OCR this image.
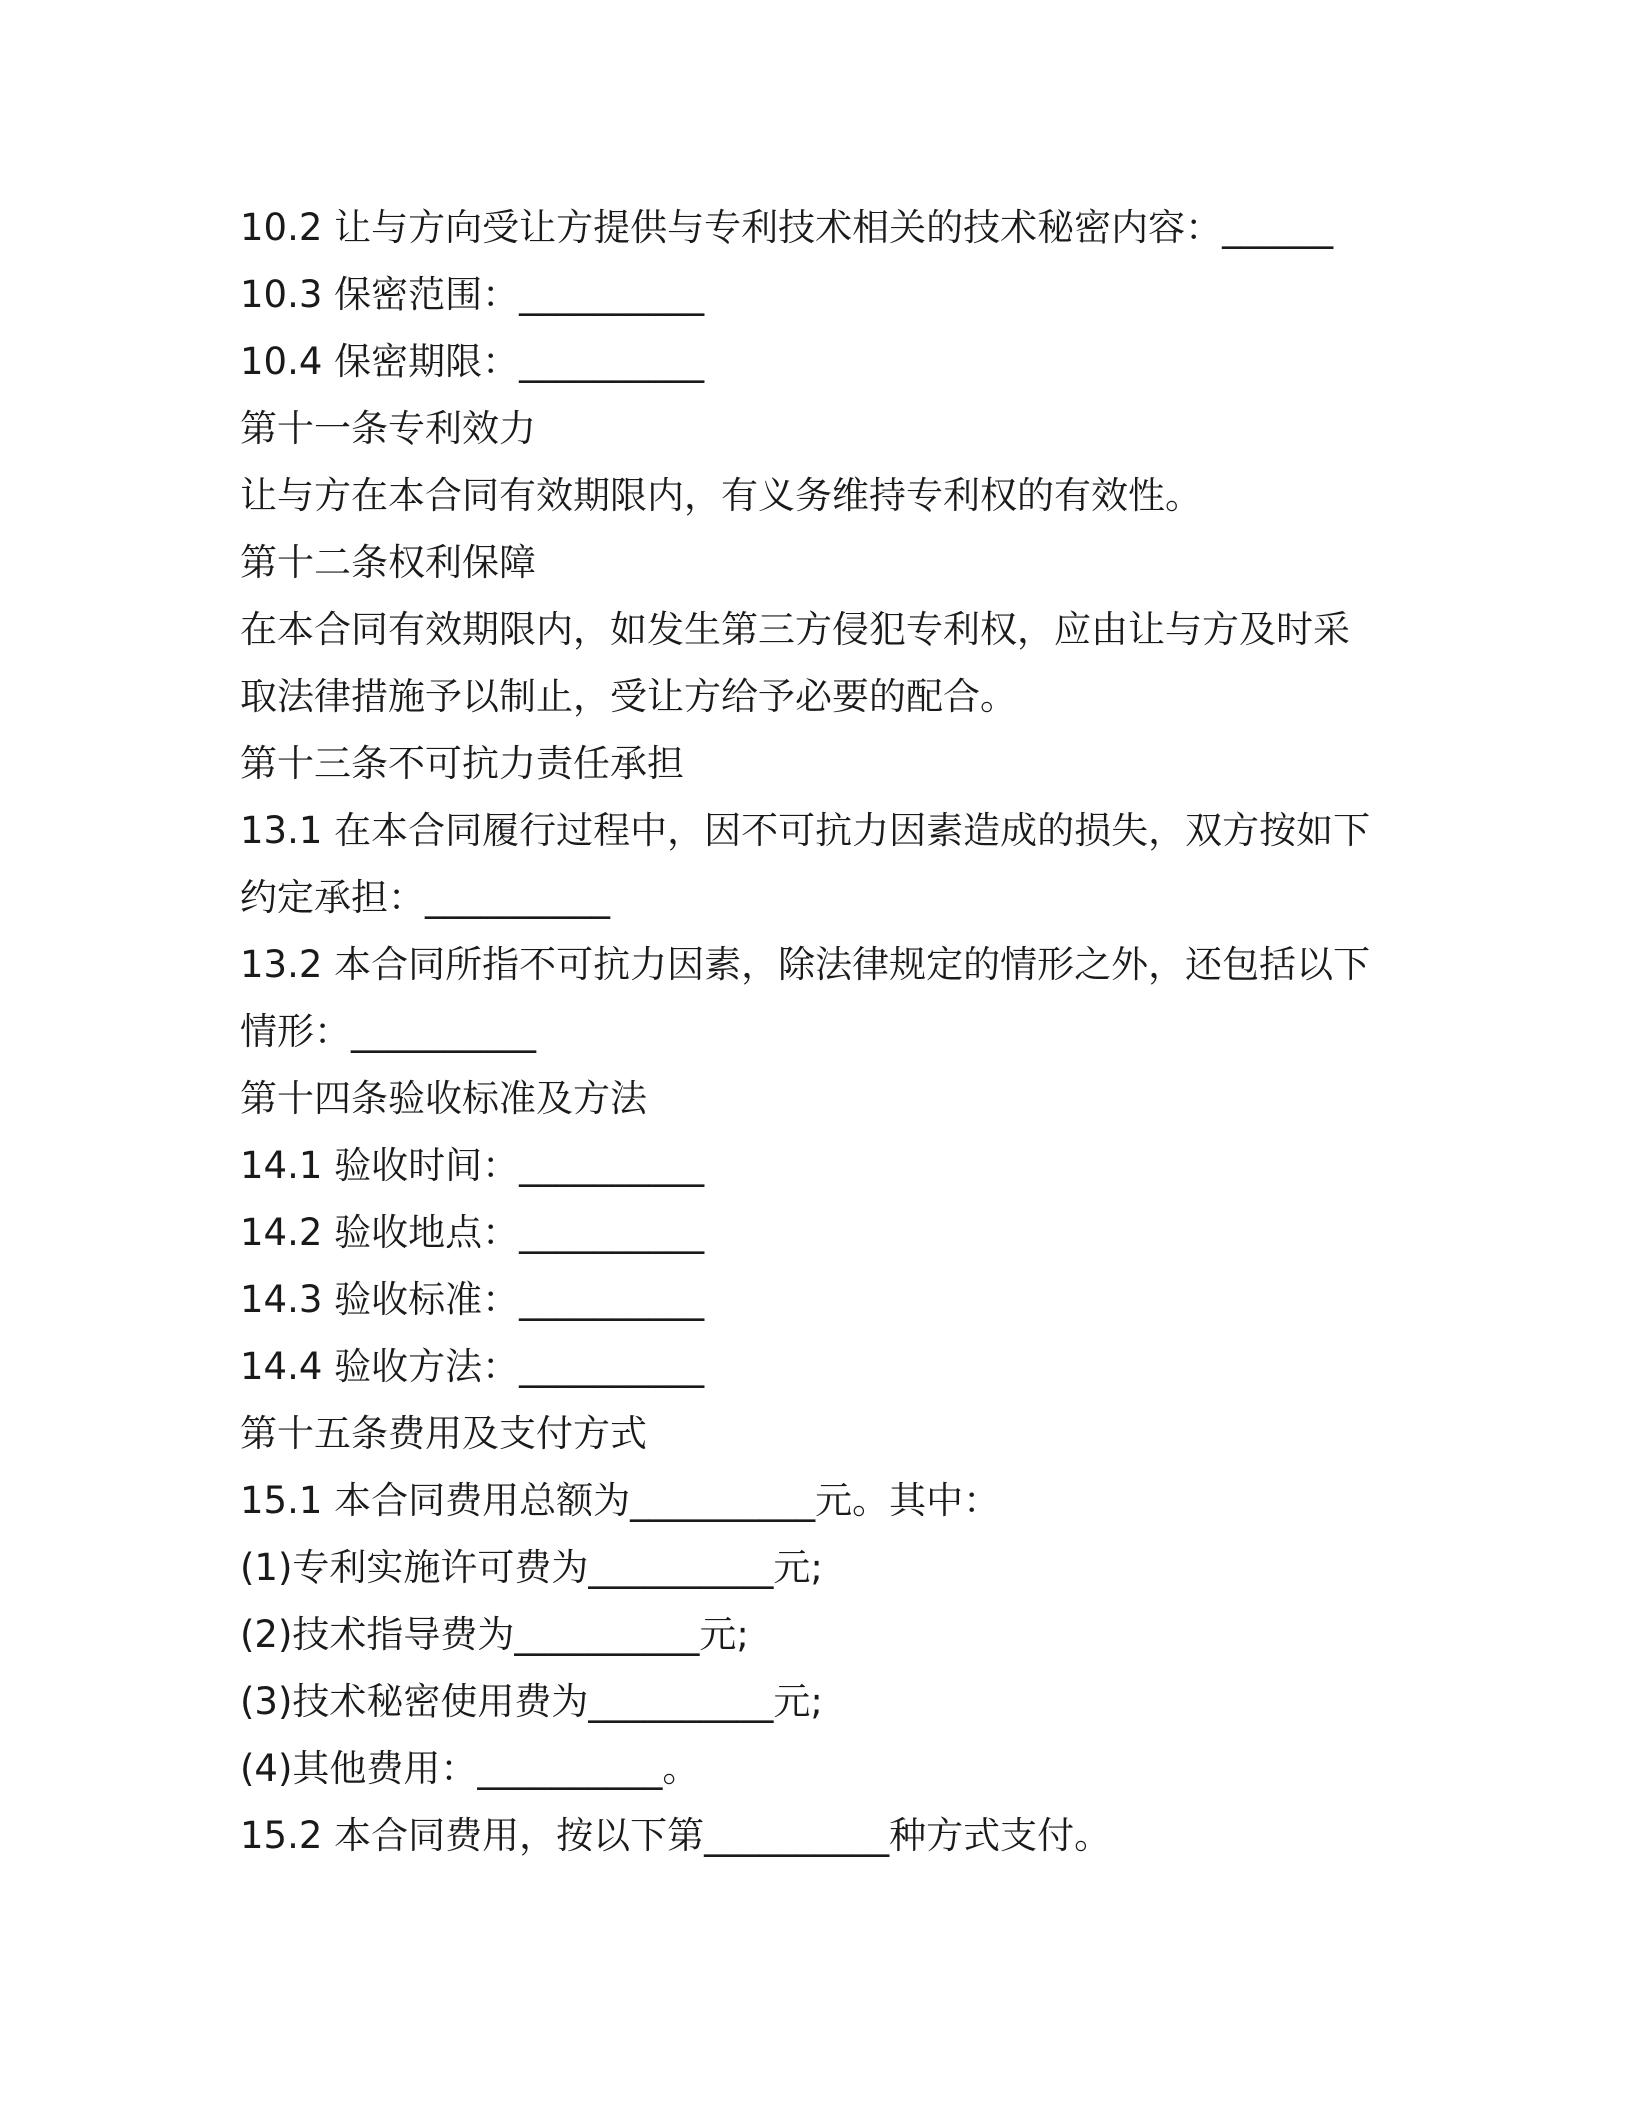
10.2 让与方向受让方提供与专利技术相关的技术秘密内容：______
10.3 保密范围：__________
10.4 保密期限：__________
第十一条专利效力
让与方在本合同有效期限内，有义务维持专利权的有效性。
第十二条权利保障
在本合同有效期限内，如发生第三方侵犯专利权，应由让与方及时采
取法律措施予以制止，受让方给予必要的配合。
第十三条不可抗力责任承担
13.1 在本合同履行过程中，因不可抗力因素造成的损失，双方按如下
约定承担：__________
13.2 本合同所指不可抗力因素，除法律规定的情形之外，还包括以下
情形：__________
第十四条验收标准及方法
14.1 验收时间：__________
14.2 验收地点：__________
14.3 验收标准：__________
14.4 验收方法：__________
第十五条费用及支付方式
15.1 本合同费用总额为__________元。其中：
(1)专利实施许可费为__________元;
(2)技术指导费为__________元;
(3)技术秘密使用费为__________元;
(4)其他费用：__________。
15.2 本合同费用，按以下第__________种方式支付。
